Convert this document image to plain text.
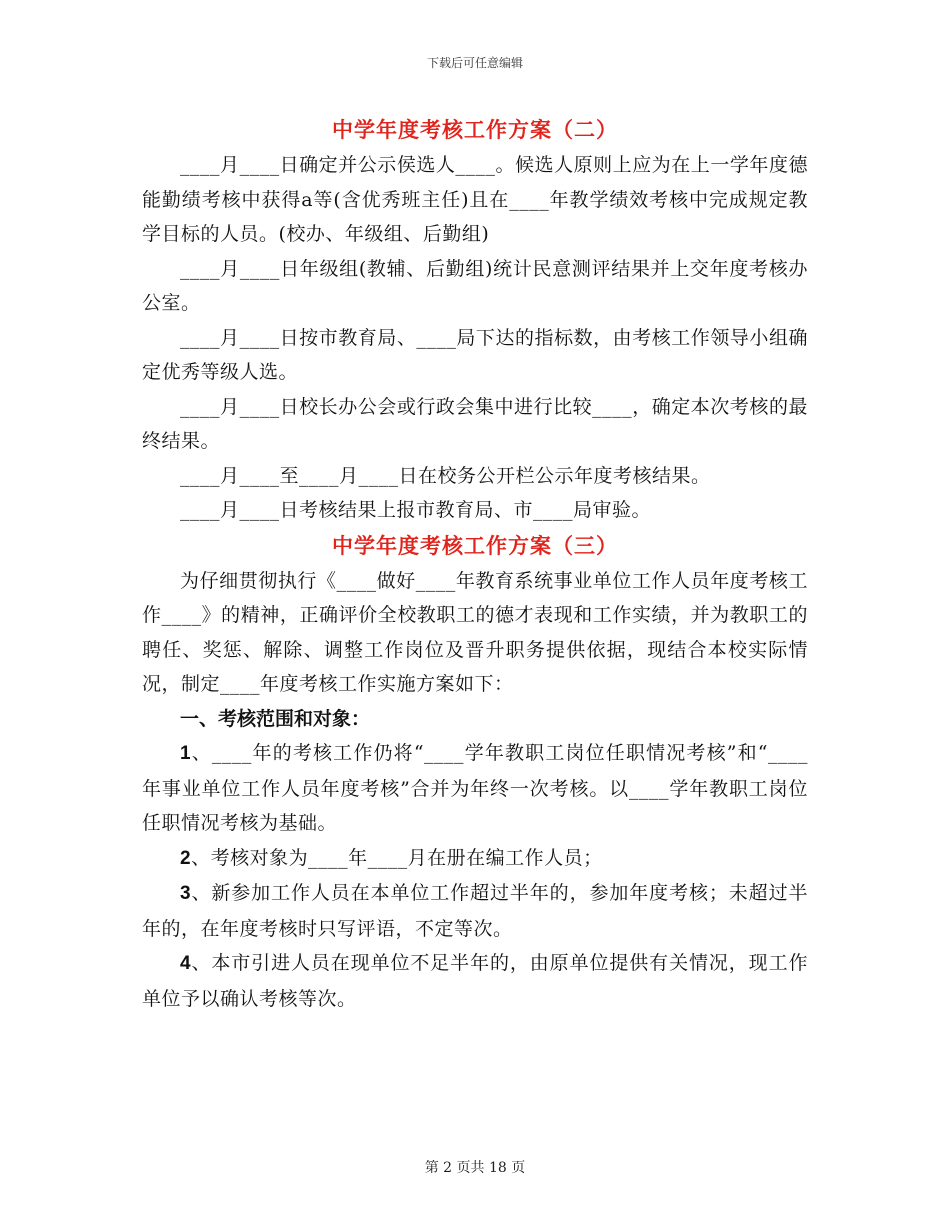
下载后可任意编辑
中学年度考核工作方案（二）

____月____日确定并公示侯选人____。候选人原则上应为在上一学年度德能勤绩考核中获得a等(含优秀班主任)且在____年教学绩效考核中完成规定教学目标的人员。(校办、年级组、后勤组)

____月____日年级组(教辅、后勤组)统计民意测评结果并上交年度考核办公室。

____月____日按市教育局、____局下达的指标数，由考核工作领导小组确定优秀等级人选。

____月____日校长办公会或行政会集中进行比较____，确定本次考核的最终结果。

____月____至____月____日在校务公开栏公示年度考核结果。

____月____日考核结果上报市教育局、市____局审验。

中学年度考核工作方案（三）

为仔细贯彻执行《____做好____年教育系统事业单位工作人员年度考核工作____》的精神，正确评价全校教职工的德才表现和工作实绩，并为教职工的聘任、奖惩、解除、调整工作岗位及晋升职务提供依据，现结合本校实际情况，制定____年度考核工作实施方案如下：

一、考核范围和对象：

1、____年的考核工作仍将“____学年教职工岗位任职情况考核”和“____年事业单位工作人员年度考核”合并为年终一次考核。以____学年教职工岗位任职情况考核为基础。

2、考核对象为____年____月在册在编工作人员；

3、新参加工作人员在本单位工作超过半年的，参加年度考核；未超过半年的，在年度考核时只写评语，不定等次。

4、本市引进人员在现单位不足半年的，由原单位提供有关情况，现工作单位予以确认考核等次。

第 2 页共 18 页
